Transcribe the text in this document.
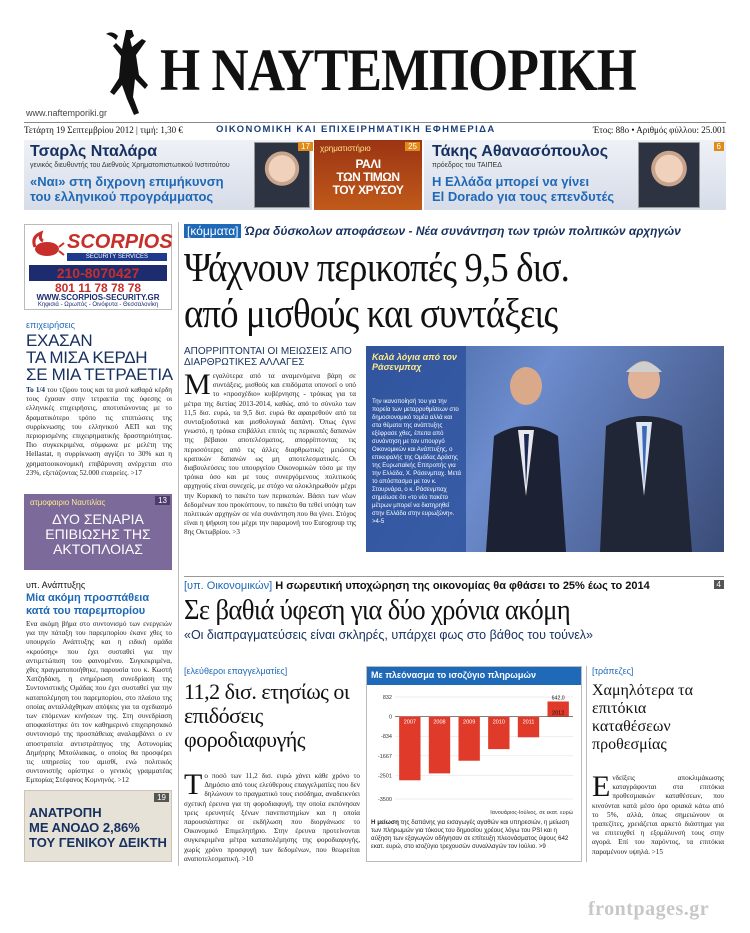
Η ΝΑΥΤΕΜΠΟΡΙΚΗ
www.naftemporiki.gr
Τετάρτη 19 Σεπτεμβρίου 2012 | τιμή: 1,30 €	ΟΙΚΟΝΟΜΙΚΗ ΚΑΙ ΕΠΙΧΕΙΡΗΜΑΤΙΚΗ ΕΦΗΜΕΡΙΔΑ	Έτος: 88ο • Αριθμός φύλλου: 25.001
Τσαρλς Νταλάρα
γενικός διευθυντής του Διεθνούς Χρηματοπιστωτικού Ινστιτούτου
«Ναι» στη διχρονη επιμήκυνση
του ελληνικού προγράμματος
17	χρηματιστήριο	25
ΡΑΛΙ
ΤΩΝ ΤΙΜΩΝ
ΤΟΥ ΧΡΥΣΟΥ
Τάκης Αθανασόπουλος
πρόεδρος του ΤΑΙΠΕΔ
Η Ελλάδα μπορεί να γίνει
El Dorado για τους επενδυτές
6
SCORPIOS
SECURITY SERVICES
210-8070427
801 11 78 78 78
WWW.SCORPIOS-SECURITY.GR
Κηφισιά - Ωρωπός - Οινόφυτα - Θεσσαλονίκη
επιχειρήσεις
ΕΧΑΣΑΝ
ΤΑ ΜΙΣΑ ΚΕΡΔΗ
ΣΕ ΜΙΑ ΤΕΤΡΑΕΤΙΑ
Το 1/4 του τζίρου τους και τα μισά καθαρά κέρδη τους έχασαν στην τετραετία της ύφεσης οι ελληνικές επιχειρήσεις, αποτυπώνοντας με το δραματικότερο τρόπο τις επιπτώσεις της συρρίκνωσης του ελληνικού ΑΕΠ και της περιορισμένης επιχειρηματικής δραστηριότητας. Πιο συγκεκριμένα, σύμφωνα με μελέτη της Hellastat, η συρρίκνωση αγγίζει το 30% και η χρηματοοικονομική επιβάρυνση ανέρχεται στο 23%, εξετάζοντας 52.000 εταιρείες. >17
ατμοφαιριο Ναυτιλίας	13
ΔΥΟ ΣΕΝΑΡΙΑ ΕΠΙΒΙΩΣΗΣ ΤΗΣ ΑΚΤΟΠΛΟΙΑΣ
υπ. Ανάπτυξης
Μία ακόμη προσπάθεια
κατά του παρεμπορίου
Ενα ακόμη βήμα στο συντονισμό των ενεργειών για την πάταξη του παρεμπορίου έκανε χθες το υπουργείο Ανάπτυξης και η ειδική ομάδα «κρούσης» που έχει συσταθεί για την αντιμετώπιση του φαινομένου. Συγκεκριμένα, χθες πραγματοποιήθηκε, παρουσία του κ. Κωστή Χατζηδάκη, η ενημέρωση συνεδρίαση της Συντονιστικής Ομάδας που έχει συσταθεί για την καταπολέμηση του παρεμπορίου, στο πλαίσιο της οποίας ανταλλάχθηκαν απόψεις για τα σχεδιασμό των επόμενων κινήσεων της. Στη συνεδρίαση αποφασίστηκε ότι τον καθημερινό επιχειρησιακό συντονισμό της προσπάθειας αναλαμβάνει ο εν αποστρατεία αντιστράτηγος της Αστυνομίας Δημήτρης Μπούλιακας, ο οποίος θα προσφέρει τις υπηρεσίες του αμισθί, ενώ πολιτικός συντονιστής ορίστηκε ο γενικός γραμματέας Εμπορίας Στέφανος Κομνηνός. >12
19
ΑΝΑΤΡΟΠΗ
ΜΕ ΑΝΟΔΟ 2,86%
ΤΟΥ ΓΕΝΙΚΟΥ ΔΕΙΚΤΗ
[κόμματα] Ώρα δύσκολων αποφάσεων - Νέα συνάντηση των τριών πολιτικών αρχηγών
Ψάχνουν περικοπές 9,5 δισ.
από μισθούς και συντάξεις
ΑΠΟΡΡΙΠΤΟΝΤΑΙ ΟΙ ΜΕΙΩΣΕΙΣ ΑΠΟ ΔΙΑΡΘΡΩΤΙΚΕΣ ΑΛΛΑΓΕΣ
Μεγαλύτερα από τα αναμενόμενα βάρη σε συντάξεις, μισθούς και επιδόματα υπονοεί ο υπό το «προσχέδιο» κυβέρνησης - τρόικας για τα μέτρα της διετίας 2013-2014, καθώς, από το σύνολο των 11,5 δισ. ευρώ, τα 9,5 δισ. ευρώ θα αφαιρεθούν από τα συνταξιοδοτικά και μισθολογικά δαπάνη. Όπως έγινε γνωστό, η τρόικα επιβάλλει επιτός τις περικοπές δαπανών της βέβαιου αποτελέσματος, απορρίπτοντας τις περισσότερες από τις άλλες διαρθρωτικές μειώσεις κρατικών δαπανών ως μη αποτελεσματικές. Οι διαβουλεύσεις του υπουργείου Οικονομικών τόσο με την τρόικα όσο και με τους συνεργόμενους πολιτικούς αρχηγούς είναι συνεχείς, με στόχο να ολοκληρωθούν μέχρι την Κυριακή το πακέτο των περικοπών. Βάσει των νέων δεδομένων που προκύπτουν, το πακέτο θα τεθεί υπόψη των πολιτικών αρχηγών σε νέα συνάντηση που θα γίνει. Στόχος είναι η ψήφιση του μέχρι την παραμονή του Eurogroup της 8ης Οκτωβρίου. >3
Καλά λόγια από τον Ράσενμπαχ
Την ικανοποίησή του για την πορεία των μεταρρυθμίσεων στο δημοσιονομικό τομέα αλλά και στα θέματα της ανάπτυξης εξέφρασε χθες, έπειτα από συνάντηση με τον υπουργό Οικονομικών και Ανάπτυξης, ο επικεφαλής της Ομάδας Δράσης της Ευρωπαϊκής Επιτροπής για την Ελλάδα, Χ. Ράσενμπαχ. Μετά το απόσπασμα με τον κ. Στουρνάρα, ο κ. Ράσενμπαχ σημείωσε ότι «το νέο πακέτο μέτρων μπορεί να διατηρηθεί στην Ελλάδα στην ευρωζώνη». >4-5
4
[υπ. Οικονομικών] Η σωρευτική υποχώρηση της οικονομίας θα φθάσει το 25% έως το 2014
Σε βαθιά ύφεση για δύο χρόνια ακόμη
«Οι διαπραγματεύσεις είναι σκληρές, υπάρχει φως στο βάθος του τούνελ»
[ελεύθεροι επαγγελματίες]
11,2 δισ. ετησίως οι επιδόσεις φοροδιαφυγής
Το ποσό των 11,2 δισ. ευρώ χάνει κάθε χρόνο το Δημόσιο από τους ελεύθερους επαγγελματίες που δεν δηλώνουν το πραγματικό τους εισόδημα, αναδεικνύει σχετική έρευνα για τη φοροδιαφυγή, την οποία εκπόνησαν τρεις ερευνητές ξένων πανεπιστημίων και η οποία παρουσιάστηκε σε εκδήλωση που διοργάνωσε το Οικονομικό Επιμελητήριο. Στην έρευνα προτείνονται συγκεκριμένα μέτρα καταπολέμησης της φοροδιαφυγής, χωρίς χρόνο προσφυγή των δεδομένων, που θεωρείται αναποτελεσματική. >10
Με πλεόνασμα το ισοζύγιο πληρωμών
832
0
-834
-1667
-2501
-3500
2007
-2.705,4
2008
-2.412,7
2009
-1.874,6
2010
-1.381,2
2011
-879,5
2012
642,0
Ιανουάριος-Ιούλιος, σε εκατ. ευρώ
Η μείωση της δαπάνης για εισαγωγές αγαθών και υπηρεσιών, η μείωση των πληρωμών για τόκους του δημοσίου χρέους λόγω του PSI και η αύξηση των εξαγωγών οδήγησαν σε επίτευξη πλεονάσματος ύψους 642 εκατ. ευρώ, στο ισοζύγιο τρεχουσών συναλλαγών τον Ιούλιο. >9
[τράπεζες]
Χαμηλότερα τα επιτόκια καταθέσεων προθεσμίας
Ενδείξεις αποκλιμάκωσης καταγράφονται στα επιτόκια προθεσμιακών καταθέσεων, που κινούνται κατά μέσο όρο οριακά κάτω από το 5%, αλλά, όπως σημειώνουν οι τραπεζίτες, χρειάζεται αρκετό διάστημα για να επιτευχθεί η εξομάλυνσή τους στην αγορά. Επί του παρόντος, τα επιτόκια παραμένουν υψηλά. >15
frontpages.gr
